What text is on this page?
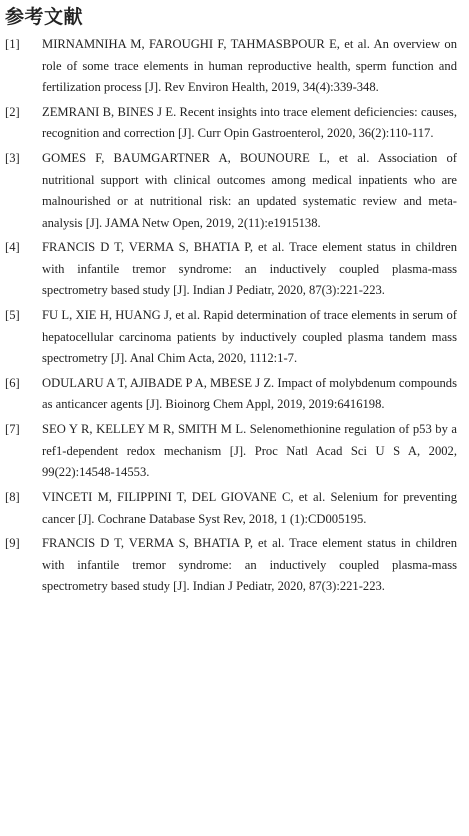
参考文献
[1]	MIRNAMNIHA M, FAROUGHI F, TAHMASBPOUR E, et al. An overview on role of some trace elements in human reproductive health, sperm function and fertilization process [J]. Rev Environ Health, 2019, 34(4):339-348.
[2]	ZEMRANI B, BINES J E. Recent insights into trace element deficiencies: causes, recognition and correction [J]. Curr Opin Gastroenterol, 2020, 36(2):110-117.
[3]	GOMES F, BAUMGARTNER A, BOUNOURE L, et al. Association of nutritional support with clinical outcomes among medical inpatients who are malnourished or at nutritional risk: an updated systematic review and meta-analysis [J]. JAMA Netw Open, 2019, 2(11):e1915138.
[4]	FRANCIS D T, VERMA S, BHATIA P, et al. Trace element status in children with infantile tremor syndrome: an inductively coupled plasma-mass spectrometry based study [J]. Indian J Pediatr, 2020, 87(3):221-223.
[5]	FU L, XIE H, HUANG J, et al. Rapid determination of trace elements in serum of hepatocellular carcinoma patients by inductively coupled plasma tandem mass spectrometry [J]. Anal Chim Acta, 2020, 1112:1-7.
[6]	ODULARU A T, AJIBADE P A, MBESE J Z. Impact of molybdenum compounds as anticancer agents [J]. Bioinorg Chem Appl, 2019, 2019:6416198.
[7]	SEO Y R, KELLEY M R, SMITH M L. Selenomethionine regulation of p53 by a ref1-dependent redox mechanism [J]. Proc Natl Acad Sci U S A, 2002, 99(22):14548-14553.
[8]	VINCETI M, FILIPPINI T, DEL GIOVANE C, et al. Selenium for preventing cancer [J]. Cochrane Database Syst Rev, 2018, 1 (1):CD005195.
[9]	FRANCIS D T, VERMA S, BHATIA P, et al. Trace element status in children with infantile tremor syndrome: an inductively coupled plasma-mass spectrometry based study [J]. Indian J Pediatr, 2020, 87(3):221-223.
